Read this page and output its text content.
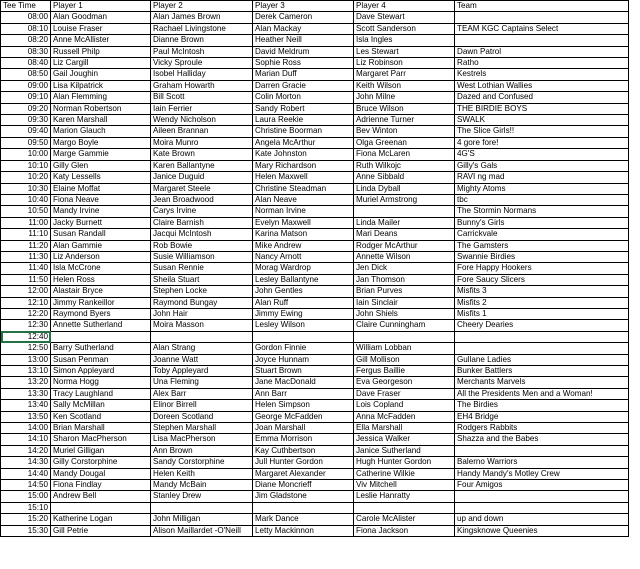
Tee Time	Player 1	Player 2	Player 3	Player 4	Team
08:00	Alan Goodman	Alan James Brown	Derek Cameron	Dave Stewart	
08:10	Louise Fraser	Rachael Livingstone	Alan Mackay	Scott Sanderson	TEAM KGC Captains Select
08:20	Anne McAllister	Dianne Brown	Heather Neill	Isla Ingles	
08:30	Russell Philp	Paul McIntosh	David Meldrum	Les Stewart	Dawn Patrol
08:40	Liz Cargill	Vicky Sproule	Sophie Ross	Liz Robinson	Ratho
08:50	Gail Joughin	Isobel Halliday	Marian Duff	Margaret Parr	Kestrels
09:00	Lisa Kilpatrick	Graham Howarth	Darren Gracie	Keith Wilson	West Lothian Wallies
09:10	Alan Flemming	Bill Scott	Colin Morton	John Milne	Dazed and Confused
09:20	Norman Robertson	Iain Ferrier	Sandy Robert	Bruce Wilson	THE BIRDIE BOYS
09:30	Karen Marshall	Wendy Nicholson	Laura Reekie	Adrienne Turner	SWALK
09:40	Marion Glauch	Aileen Brannan	Christine Boorman	Bev Winton	The Slice Girls!!
09:50	Margo Boyle	Moira Munro	Angela McArthur	Olga Greenan	4 gore fore!
10:00	Marge Gammie	Kate Brown	Kate Johnston	Fiona McLaren	4G'S
10:10	Gilly Glen	Karen Ballantyne	Mary Richardson	Ruth Wilkojc	Gilly's Gals
10:20	Katy Lessells	Janice Duguid	Helen Maxwell	Anne Sibbald	RAVI ng mad
10:30	Elaine Moffat	Margaret Steele	Christine Steadman	Linda Dyball	Mighty Atoms
10:40	Fiona Neave	Jean Broadwood	Alan Neave	Muriel Armstrong	tbc
10:50	Mandy Irvine	Carys Irvine	Norman Irvine		The Stormin Normans
11:00	Jacky Burnett	Claire Barnish	Evelyn Maxwell	Linda Mailer	Bunny's Girls
11:10	Susan Randall	Jacqui McIntosh	Karina Matson	Mari Deans	Carrickvale
11:20	Alan Gammie	Rob Bowie	Mike Andrew	Rodger McArthur	The Gamsters
11:30	Liz Anderson	Susie Williamson	Nancy Arnott	Annette Wilson	Swannie Birdies
11:40	Isla McCrone	Susan Rennie	Morag Wardrop	Jen Dick	Fore Happy Hookers
11:50	Helen Ross	Sheila Stuart	Lesley Ballantyne	Jan Thomson	Fore Saucy Slicers
12:00	Alastair Bryce	Stephen Locke	John Gentles	Brian Purves	Misfits 3
12:10	Jimmy Rankeillor	Raymond Bungay	Alan Ruff	Iain Sinclair	Misfits 2
12:20	Raymond Byers	John Hair	Jimmy Ewing	John Shiels	Misfits 1
12:30	Annette Sutherland	Moira Masson	Lesley Wilson	Claire Cunningham	Cheery Dearies
12:40					
12:50	Barry Sutherland	Alan Strang	Gordon Finnie	William Lobban	
13:00	Susan Penman	Joanne Watt	Joyce Hunnam	Gill Mollison	Gullane Ladies
13:10	Simon Appleyard	Toby Appleyard	Stuart Brown	Fergus Baillie	Bunker Battlers
13:20	Norma Hogg	Una Fleming	Jane MacDonald	Eva Georgeson	Merchants Marvels
13:30	Tracy Laughland	Alex Barr	Ann Barr	Dave Fraser	All the Presidents Men and a Woman!
13:40	Sally McMillan	Elinor Birrell	Helen Simpson	Lois Copland	The Birdies
13:50	Ken Scotland	Doreen Scotland	George McFadden	Anna McFadden	EH4 Bridge
14:00	Brian Marshall	Stephen Marshall	Joan Marshall	Ella Marshall	Rodgers Rabbits
14:10	Sharon MacPherson	Lisa MacPherson	Emma Morrison	Jessica Walker	Shazza and the Babes
14:20	Muriel Gilligan	Ann Brown	Kay Cuthbertson	Janice Sutherland	
14:30	Gilly Corstorphine	Sandy Corstorphine	Jull Hunter Gordon	Hugh Hunter Gordon	Balerno Warriors
14:40	Mandy Dougal	Helen Keith	Margaret Alexander	Catherine Wilkie	Handy Mandy's Motley Crew
14:50	Fiona Findlay	Mandy McBain	Diane Moncrieff	Viv Mitchell	Four Amigos
15:00	Andrew Bell	Stanley Drew	Jim Gladstone	Leslie Hanratty	
15:10					
15:20	Katherine Logan	John Milligan	Mark Dance	Carole McAlister	up and down
15:30	Gill Petrie	Alison Maillardet -O'Neill	Letty Mackinnon	Fiona Jackson	Kingsknowe Queenies
